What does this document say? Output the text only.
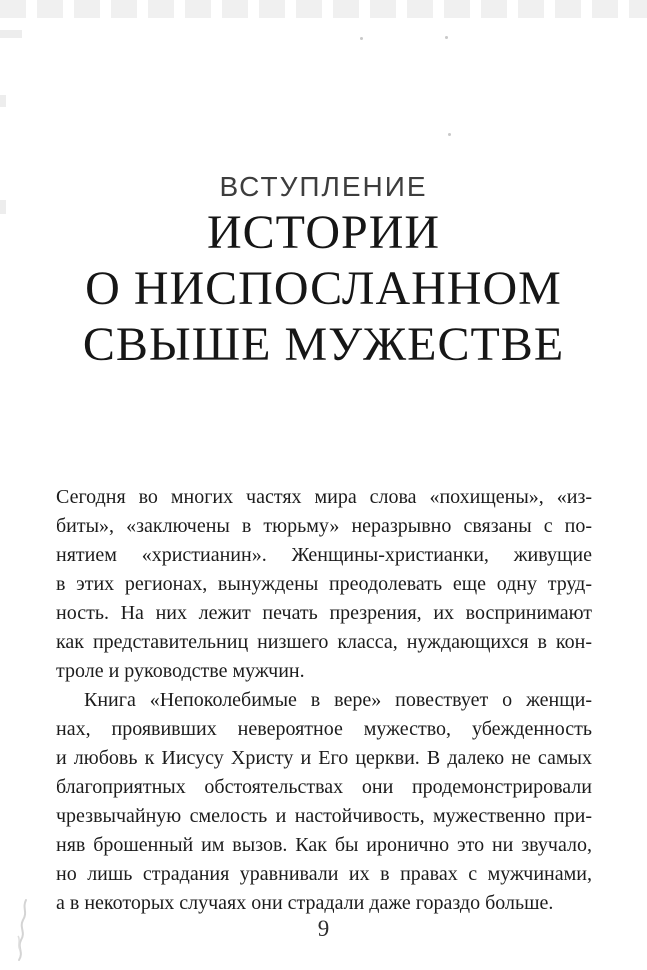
ВСТУПЛЕНИЕ
ИСТОРИИ
О НИСПОСЛАННОМ
СВЫШЕ МУЖЕСТВЕ
Сегодня во многих частях мира слова «похищены», «из-
биты», «заключены в тюрьму» неразрывно связаны с по-
нятием «христианин». Женщины-христианки, живущие
в этих регионах, вынуждены преодолевать еще одну труд-
ность. На них лежит печать презрения, их воспринимают
как представительниц низшего класса, нуждающихся в кон-
троле и руководстве мужчин.
Книга «Непоколебимые в вере» повествует о женщи-
нах, проявивших невероятное мужество, убежденность
и любовь к Иисусу Христу и Его церкви. В далеко не самых
благоприятных обстоятельствах они продемонстрировали
чрезвычайную смелость и настойчивость, мужественно при-
няв брошенный им вызов. Как бы иронично это ни звучало,
но лишь страдания уравнивали их в правах с мужчинами,
а в некоторых случаях они страдали даже гораздо больше.
9
